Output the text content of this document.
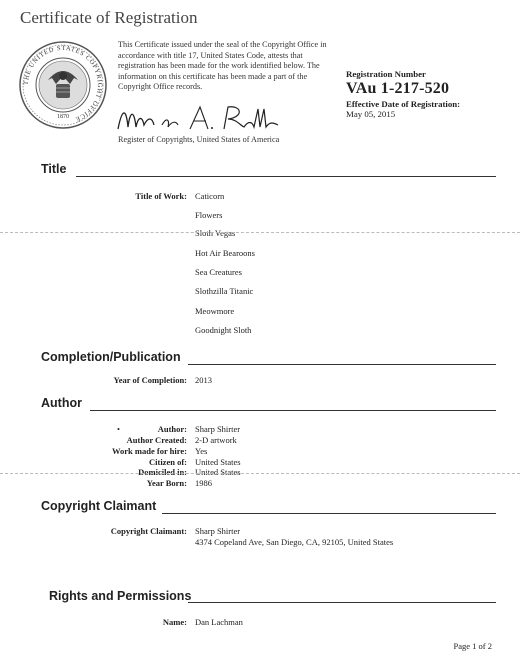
Certificate of Registration
THE UNITED STATES COPYRIGHT OFFICE
1870
This Certificate issued under the seal of the Copyright Office in accordance with title 17, United States Code, attests that registration has been made for the work identified below. The information on this certificate has been made a part of the Copyright Office records.
Register of Copyrights, United States of America
Registration Number
VAu 1-217-520
Effective Date of Registration:
May 05, 2015
Title
Title of Work: Caticorn
Flowers
Sloth Vegas
Hot Air Bearoons
Sea Creatures
Slothzilla Titanic
Meowmore
Goodnight Sloth
Completion/Publication
Year of Completion: 2013
Author
•	Author: Sharp Shirter
Author Created: 2-D artwork
Work made for hire: Yes
Citizen of: United States
Domiciled in: United States
Year Born: 1986
Copyright Claimant
Copyright Claimant: Sharp Shirter
4374 Copeland Ave, San Diego, CA, 92105, United States
Rights and Permissions
Name: Dan Lachman
Page 1 of 2
